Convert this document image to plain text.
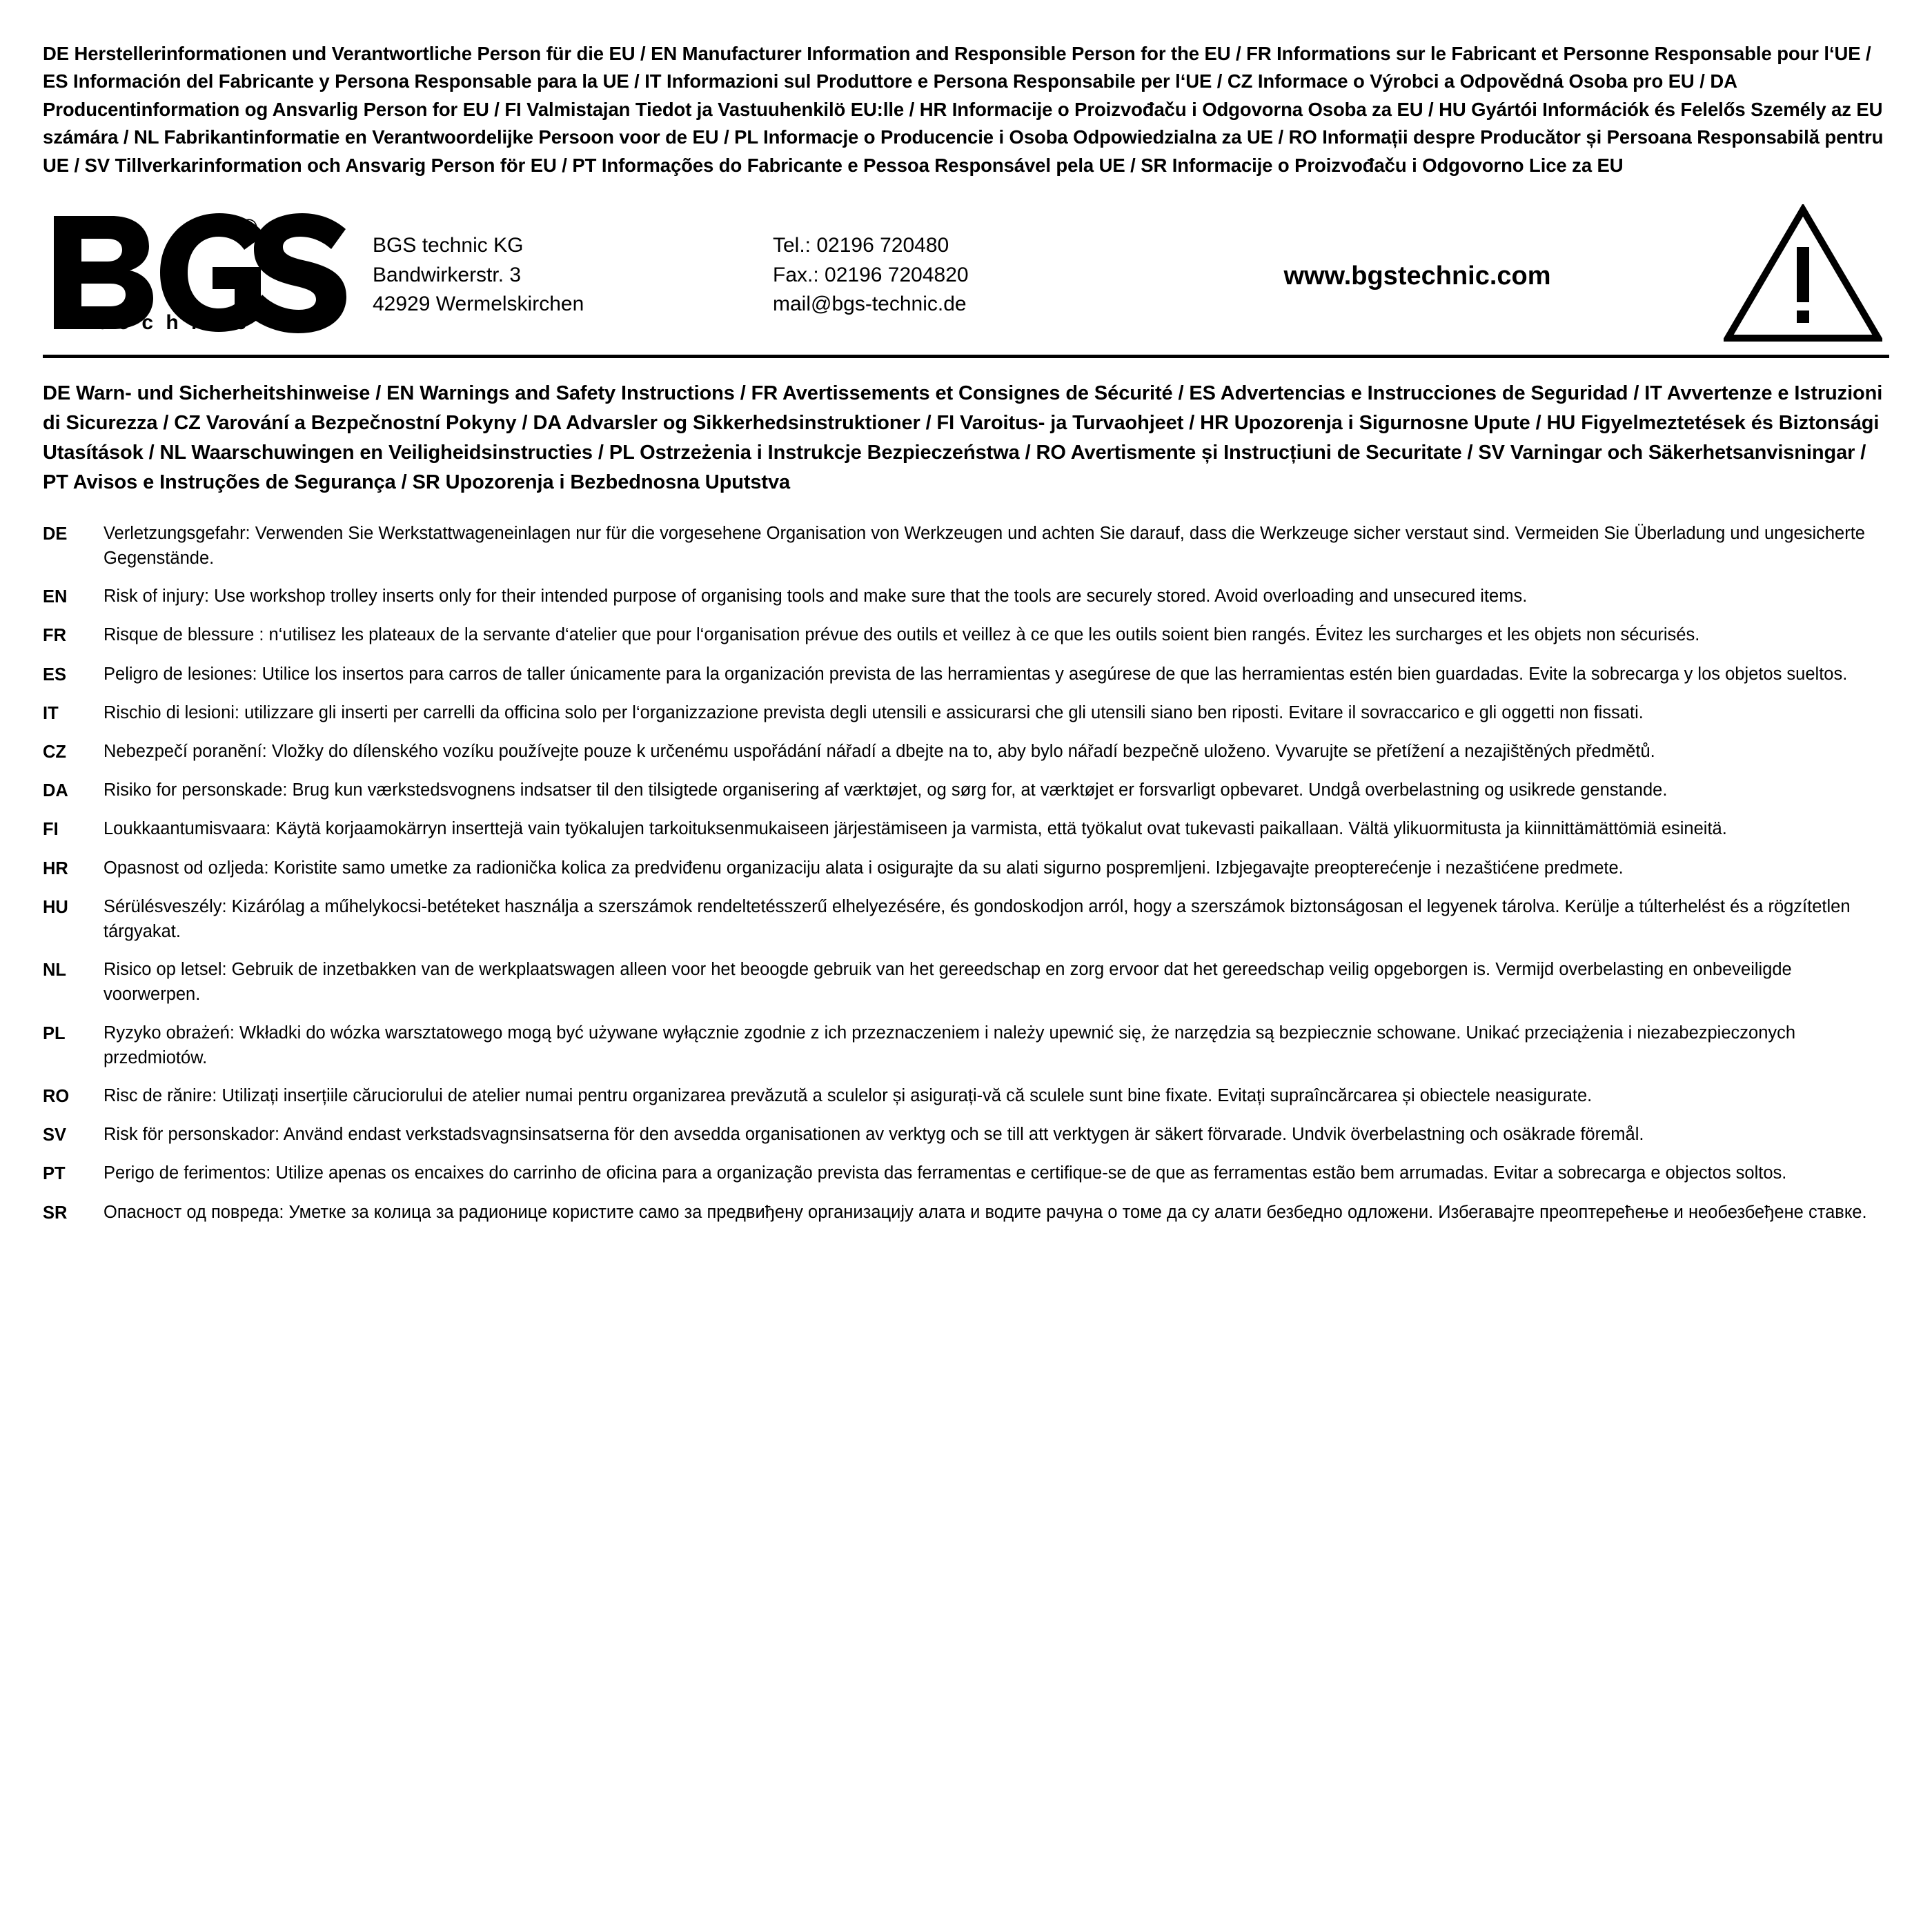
DE Herstellerinformationen und Verantwortliche Person für die EU / EN Manufacturer Information and Responsible Person for the EU / FR Informations sur le Fabricant et Personne Responsable pour l‘UE / ES Información del Fabricante y Persona Responsable para la UE / IT Informazioni sul Produttore e Persona Responsabile per l‘UE / CZ Informace o Výrobci a Odpovědná Osoba pro EU / DA Producentinformation og Ansvarlig Person for EU / FI Valmistajan Tiedot ja Vastuuhenkilö EU:lle / HR Informacije o Proizvođaču i Odgovorna Osoba za EU / HU Gyártói Információk és Felelős Személy az EU számára / NL Fabrikantinformatie en Verantwoordelijke Persoon voor de EU / PL Informacje o Producencie i Osoba Odpowiedzialna za UE / RO Informații despre Producător și Persoana Responsabilă pentru UE / SV Tillverkarinformation och Ansvarig Person för EU / PT Informações do Fabricante e Pessoa Responsável pela UE / SR Informacije o Proizvođaču i Odgovorno Lice za EU
®
t e c h n i c
BGS technic KG
Bandwirkerstr. 3
42929 Wermelskirchen
Tel.: 02196 720480
Fax.: 02196 7204820
mail@bgs-technic.de
www.bgstechnic.com
DE Warn- und Sicherheitshinweise / EN Warnings and Safety Instructions / FR Avertissements et Consignes de Sécurité / ES Advertencias e Instrucciones de Seguridad / IT Avvertenze e Istruzioni di Sicurezza / CZ Varování a Bezpečnostní Pokyny / DA Advarsler og Sikkerhedsinstruktioner / FI Varoitus- ja Turvaohjeet / HR Upozorenja i Sigurnosne Upute / HU Figyelmeztetések és Biztonsági Utasítások / NL Waarschuwingen en Veiligheidsinstructies / PL Ostrzeżenia i Instrukcje Bezpieczeństwa / RO Avertismente și Instrucțiuni de Securitate / SV Varningar och Säkerhetsanvisningar / PT Avisos e Instruções de Segurança / SR Upozorenja i Bezbednosna Uputstva
DE	Verletzungsgefahr: Verwenden Sie Werkstattwageneinlagen nur für die vorgesehene Organisation von Werkzeugen und achten Sie darauf, dass die Werkzeuge sicher verstaut sind. Vermeiden Sie Überladung und ungesicherte Gegenstände.
EN	Risk of injury: Use workshop trolley inserts only for their intended purpose of organising tools and make sure that the tools are securely stored. Avoid overloading and unsecured items.
FR	Risque de blessure : n‘utilisez les plateaux de la servante d‘atelier que pour l‘organisation prévue des outils et veillez à ce que les outils soient bien rangés. Évitez les surcharges et les objets non sécurisés.
ES	Peligro de lesiones: Utilice los insertos para carros de taller únicamente para la organización prevista de las herramientas y asegúrese de que las herramientas estén bien guardadas. Evite la sobrecarga y los objetos sueltos.
IT	Rischio di lesioni: utilizzare gli inserti per carrelli da officina solo per l‘organizzazione prevista degli utensili e assicurarsi che gli utensili siano ben riposti. Evitare il sovraccarico e gli oggetti non fissati.
CZ	Nebezpečí poranění: Vložky do dílenského vozíku používejte pouze k určenému uspořádání nářadí a dbejte na to, aby bylo nářadí bezpečně uloženo. Vyvarujte se přetížení a nezajištěných předmětů.
DA	Risiko for personskade: Brug kun værkstedsvognens indsatser til den tilsigtede organisering af værktøjet, og sørg for, at værktøjet er forsvarligt opbevaret. Undgå overbelastning og usikrede genstande.
FI	Loukkaantumisvaara: Käytä korjaamokärryn inserttejä vain työkalujen tarkoituksenmukaiseen järjestämiseen ja varmista, että työkalut ovat tukevasti paikallaan. Vältä ylikuormitusta ja kiinnittämättömiä esineitä.
HR	Opasnost od ozljeda: Koristite samo umetke za radionička kolica za predviđenu organizaciju alata i osigurajte da su alati sigurno pospremljeni. Izbjegavajte preopterećenje i nezaštićene predmete.
HU	Sérülésveszély: Kizárólag a műhelykocsi-betéteket használja a szerszámok rendeltetésszerű elhelyezésére, és gondoskodjon arról, hogy a szerszámok biztonságosan el legyenek tárolva. Kerülje a túlterhelést és a rögzítetlen tárgyakat.
NL	Risico op letsel: Gebruik de inzetbakken van de werkplaatswagen alleen voor het beoogde gebruik van het gereedschap en zorg ervoor dat het gereedschap veilig opgeborgen is. Vermijd overbelasting en onbeveiligde voorwerpen.
PL	Ryzyko obrażeń: Wkładki do wózka warsztatowego mogą być używane wyłącznie zgodnie z ich przeznaczeniem i należy upewnić się, że narzędzia są bezpiecznie schowane. Unikać przeciążenia i niezabezpieczonych przedmiotów.
RO	Risc de rănire: Utilizați inserțiile căruciorului de atelier numai pentru organizarea prevăzută a sculelor și asigurați-vă că sculele sunt bine fixate. Evitați supraîncărcarea și obiectele neasigurate.
SV	Risk för personskador: Använd endast verkstadsvagnsinsatserna för den avsedda organisationen av verktyg och se till att verktygen är säkert förvarade. Undvik överbelastning och osäkrade föremål.
PT	Perigo de ferimentos: Utilize apenas os encaixes do carrinho de oficina para a organização prevista das ferramentas e certifique-se de que as ferramentas estão bem arrumadas. Evitar a sobrecarga e objectos soltos.
SR	Опасност од повреда: Уметке за колица за радионице користите само за предвиђену организацију алата и водите рачуна о томе да су алати безбедно одложени. Избегавајте преоптерећење и необезбеђене ставке.
